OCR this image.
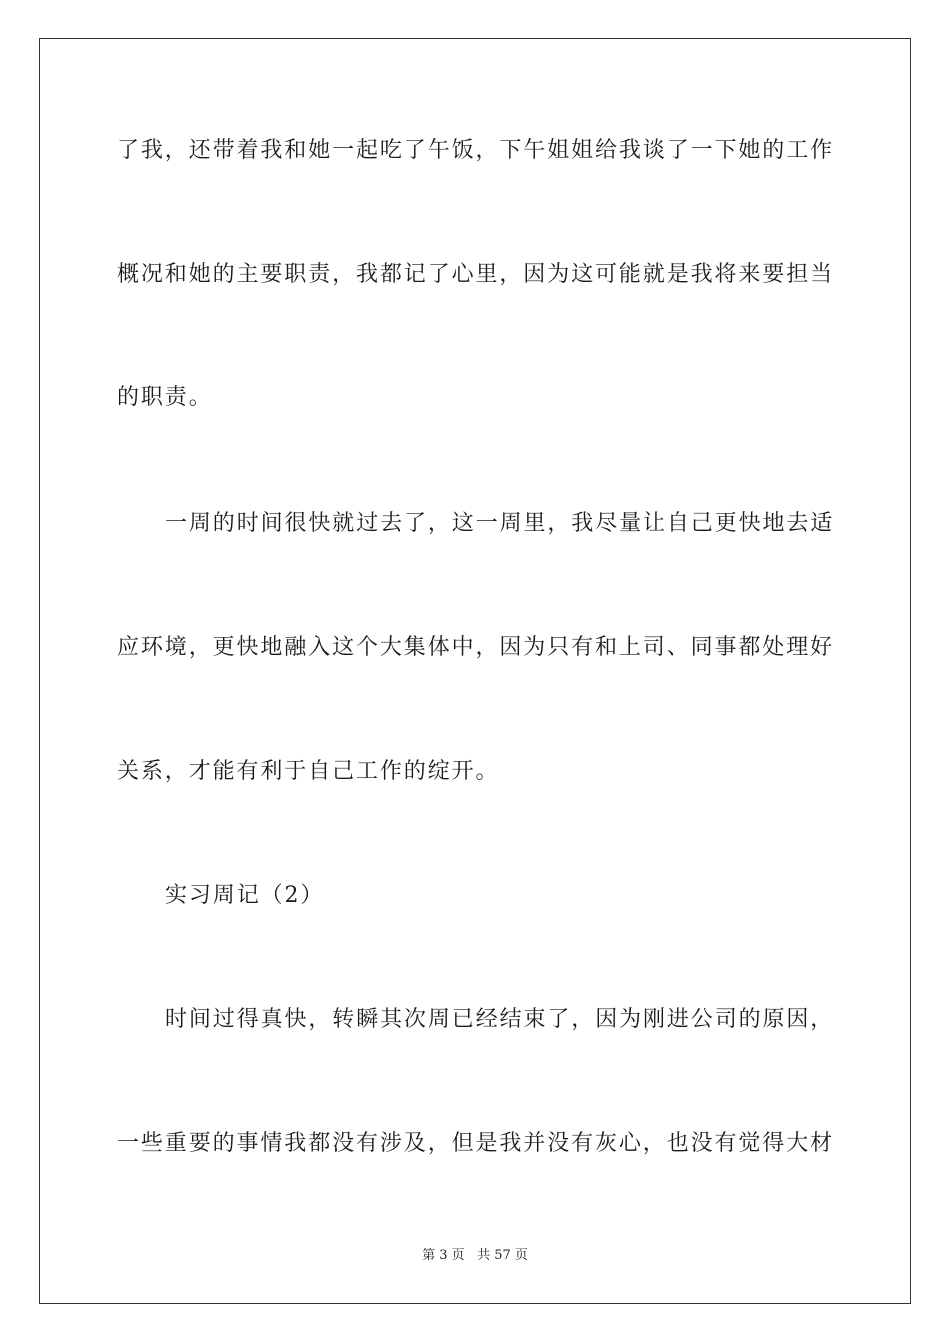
了我，还带着我和她一起吃了午饭，下午姐姐给我谈了一下她的工作
概况和她的主要职责，我都记了心里，因为这可能就是我将来要担当
的职责。
一周的时间很快就过去了，这一周里，我尽量让自己更快地去适
应环境，更快地融入这个大集体中，因为只有和上司、同事都处理好
关系，才能有利于自己工作的绽开。
实习周记（2）
时间过得真快，转瞬其次周已经结束了，因为刚进公司的原因，
一些重要的事情我都没有涉及，但是我并没有灰心，也没有觉得大材
第 3 页 共 57 页
